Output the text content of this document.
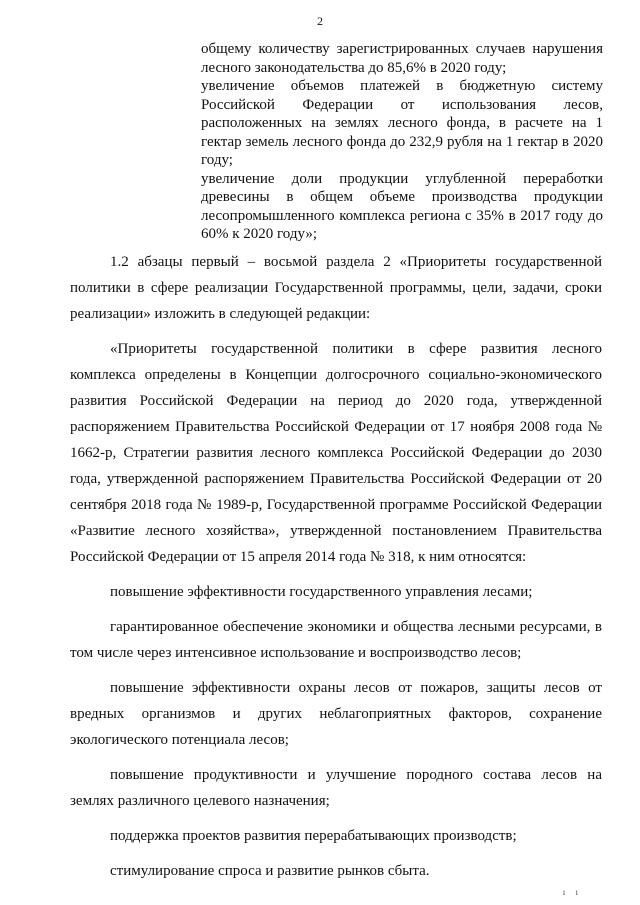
2

общему количеству зарегистрированных случаев нарушения лесного законодательства до 85,6% в 2020 году;

увеличение объемов платежей в бюджетную систему Российской Федерации от использования лесов, расположенных на землях лесного фонда, в расчете на 1 гектар земель лесного фонда до 232,9 рубля на 1 гектар в 2020 году;

увеличение доли продукции углубленной переработки древесины в общем объеме производства продукции лесопромышленного комплекса региона с 35% в 2017 году до 60% к 2020 году»;

1.2 абзацы первый – восьмой раздела 2 «Приоритеты государственной политики в сфере реализации Государственной программы, цели, задачи, сроки реализации» изложить в следующей редакции:

«Приоритеты государственной политики в сфере развития лесного комплекса определены в Концепции долгосрочного социально-экономического развития Российской Федерации на период до 2020 года, утвержденной распоряжением Правительства Российской Федерации от 17 ноября 2008 года № 1662-р, Стратегии развития лесного комплекса Российской Федерации до 2030 года, утвержденной распоряжением Правительства Российской Федерации от 20 сентября 2018 года № 1989-р, Государственной программе Российской Федерации «Развитие лесного хозяйства», утвержденной постановлением Правительства Российской Федерации от 15 апреля 2014 года № 318, к ним относятся:

повышение эффективности государственного управления лесами;

гарантированное обеспечение экономики и общества лесными ресурсами, в том числе через интенсивное использование и воспроизводство лесов;

повышение эффективности охраны лесов от пожаров, защиты лесов от вредных организмов и других неблагоприятных факторов, сохранение экологического потенциала лесов;

повышение продуктивности и улучшение породного состава лесов на землях различного целевого назначения;

поддержка проектов развития перерабатывающих производств;

стимулирование спроса и развитие рынков сбыта.

ı ı
